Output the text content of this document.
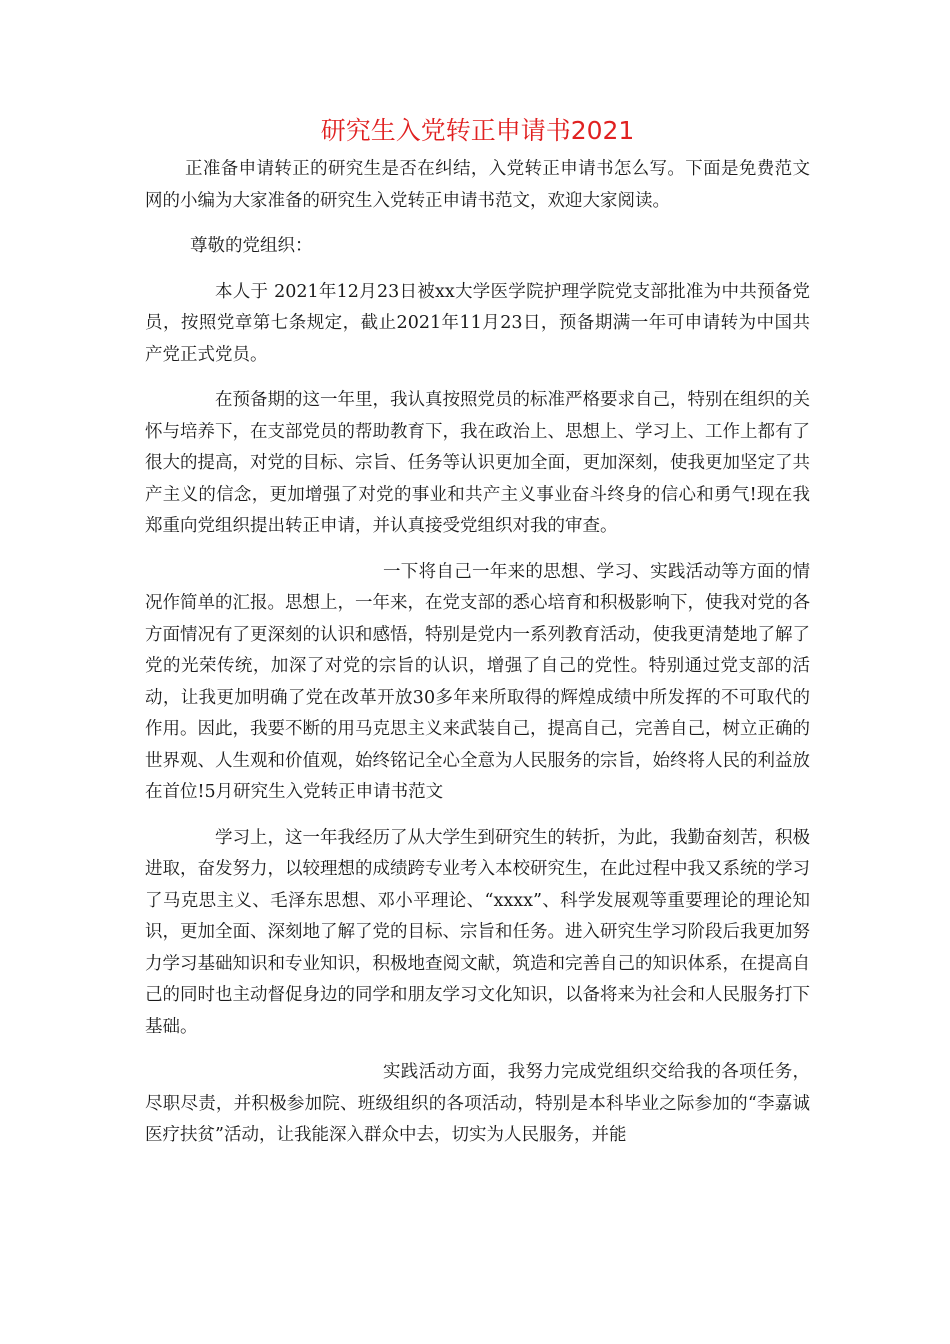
研究生入党转正申请书2021

正准备申请转正的研究生是否在纠结，入党转正申请书怎么写。下面是免费范文网的小编为大家准备的研究生入党转正申请书范文，欢迎大家阅读。

尊敬的党组织：

本人于 2021年12月23日被xx大学医学院护理学院党支部批准为中共预备党员，按照党章第七条规定，截止2021年11月23日，预备期满一年可申请转为中国共产党正式党员。

在预备期的这一年里，我认真按照党员的标准严格要求自己，特别在组织的关怀与培养下，在支部党员的帮助教育下，我在政治上、思想上、学习上、工作上都有了很大的提高，对党的目标、宗旨、任务等认识更加全面，更加深刻，使我更加坚定了共产主义的信念，更加增强了对党的事业和共产主义事业奋斗终身的信心和勇气!现在我郑重向党组织提出转正申请，并认真接受党组织对我的审查。

一下将自己一年来的思想、学习、实践活动等方面的情况作简单的汇报。思想上，一年来，在党支部的悉心培育和积极影响下，使我对党的各方面情况有了更深刻的认识和感悟，特别是党内一系列教育活动，使我更清楚地了解了党的光荣传统，加深了对党的宗旨的认识，增强了自己的党性。特别通过党支部的活动，让我更加明确了党在改革开放30多年来所取得的辉煌成绩中所发挥的不可取代的作用。因此，我要不断的用马克思主义来武装自己，提高自己，完善自己，树立正确的世界观、人生观和价值观，始终铭记全心全意为人民服务的宗旨，始终将人民的利益放在首位!5月研究生入党转正申请书范文

学习上，这一年我经历了从大学生到研究生的转折，为此，我勤奋刻苦，积极进取，奋发努力，以较理想的成绩跨专业考入本校研究生，在此过程中我又系统的学习了马克思主义、毛泽东思想、邓小平理论、“xxxx”、科学发展观等重要理论的理论知识，更加全面、深刻地了解了党的目标、宗旨和任务。进入研究生学习阶段后我更加努力学习基础知识和专业知识，积极地查阅文献，筑造和完善自己的知识体系，在提高自己的同时也主动督促身边的同学和朋友学习文化知识，以备将来为社会和人民服务打下基础。

实践活动方面，我努力完成党组织交给我的各项任务，尽职尽责，并积极参加院、班级组织的各项活动，特别是本科毕业之际参加的“李嘉诚医疗扶贫”活动，让我能深入群众中去，切实为人民服务，并能
